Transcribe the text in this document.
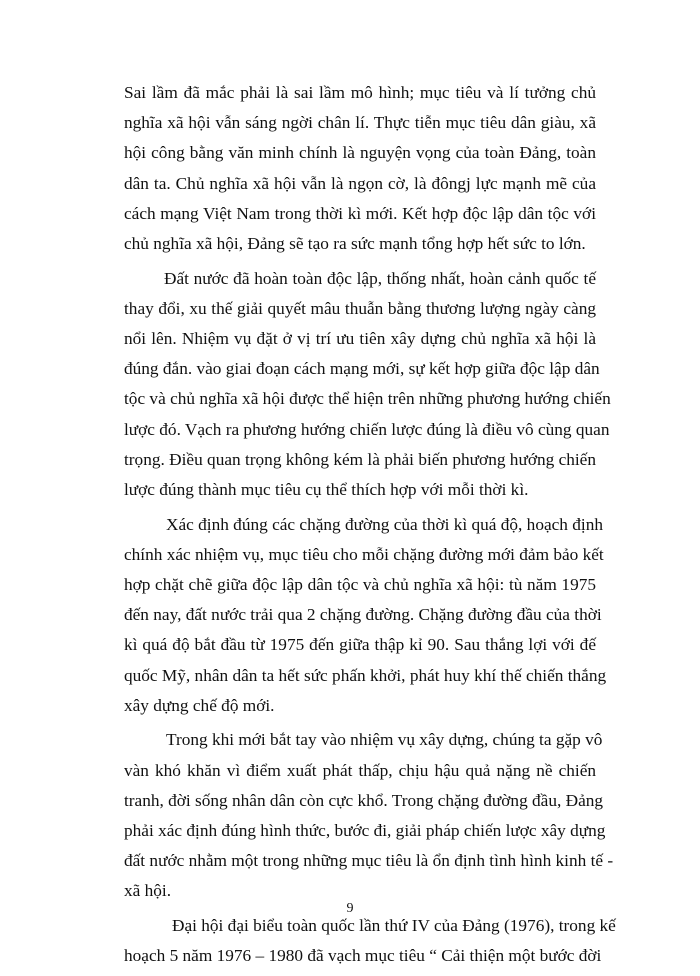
Sai lầm đã mắc phải là sai lầm mô hình; mục tiêu và lí tưởng chủ
nghĩa xã hội vẫn sáng ngời chân lí. Thực tiễn mục tiêu dân giàu, xã
hội công bằng văn minh chính là nguyện vọng của toàn Đảng, toàn
dân ta. Chủ nghĩa xã hội vẫn là ngọn cờ, là đôngj lực mạnh mẽ của
cách mạng Việt Nam trong thời kì mới. Kết hợp độc lập dân tộc với
chủ nghĩa xã hội, Đảng sẽ tạo ra sức mạnh tổng hợp hết sức to lớn.
Đất nước đã hoàn toàn độc lập, thống nhất, hoàn cảnh quốc tế
thay đổi, xu thế giải quyết mâu thuẫn bằng thương lượng ngày càng
nổi lên. Nhiệm vụ đặt ở vị trí ưu tiên xây dựng chủ nghĩa xã hội là
đúng đắn. vào giai đoạn cách mạng mới, sự kết hợp giữa độc lập dân
tộc và chủ nghĩa xã hội được thể hiện trên những phương hướng chiến
lược đó. Vạch ra phương hướng chiến lược đúng là điều vô cùng quan
trọng. Điều quan trọng không kém là phải biến phương hướng chiến
lược đúng thành mục tiêu cụ thể thích hợp với mỗi thời kì.
Xác định đúng các chặng đường của thời kì quá độ, hoạch định
chính xác nhiệm vụ, mục tiêu cho mỗi chặng đường mới đảm bảo kết
hợp chặt chẽ giữa độc lập dân tộc và chủ nghĩa xã hội: tù năm 1975
đến nay, đất nước trải qua 2 chặng đường. Chặng đường đầu của thời
kì quá độ bắt đầu từ 1975 đến giữa thập kỉ 90. Sau thắng lợi với đế
quốc Mỹ, nhân dân ta hết sức phấn khởi, phát huy khí thế chiến thắng
xây dựng chế độ mới.
Trong khi mới bắt tay vào nhiệm vụ xây dựng, chúng ta gặp vô
vàn khó khăn vì điểm xuất phát thấp, chịu hậu quả nặng nề chiến
tranh, đời sống nhân dân còn cực khổ. Trong chặng đường đầu, Đảng
phải xác định đúng hình thức, bước đi, giải pháp chiến lược xây dựng
đất nước nhằm một trong những mục tiêu là ổn định tình hình kinh tế -
xã hội.
Đại hội đại biểu toàn quốc lần thứ IV của Đảng (1976), trong kế
hoạch 5 năm 1976 – 1980 đã vạch mục tiêu “ Cải thiện một bước đời
9
